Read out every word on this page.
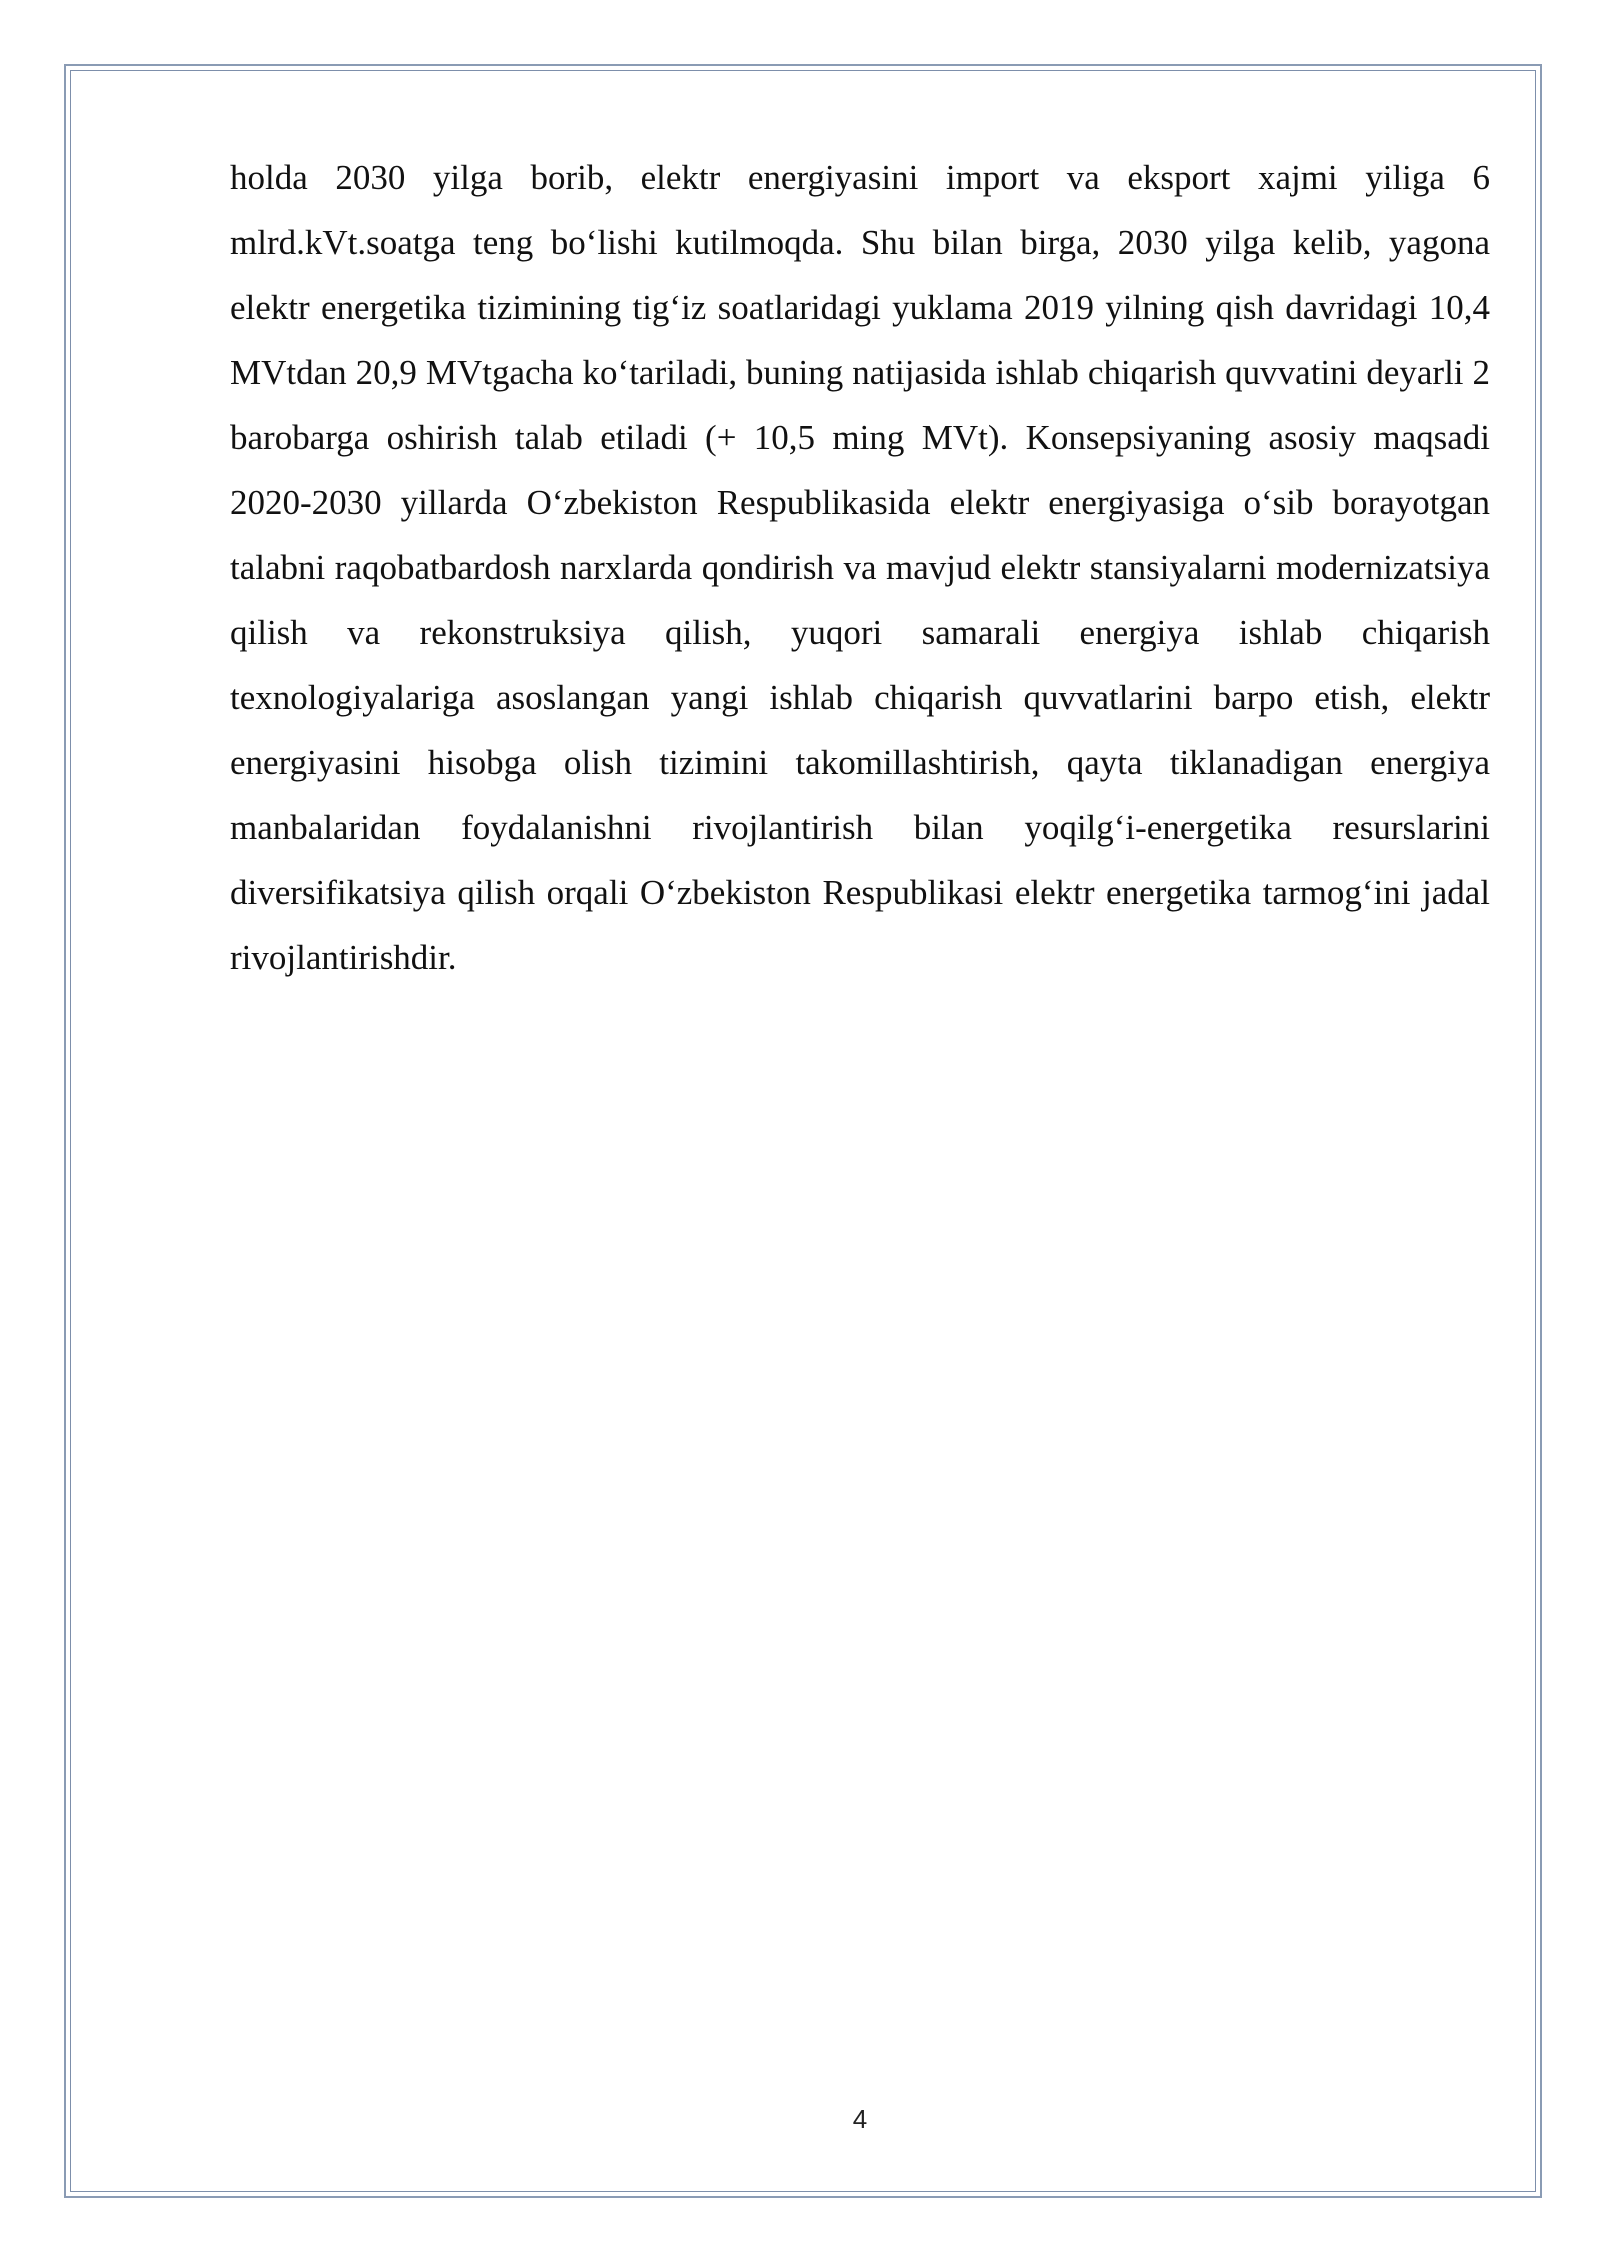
holda 2030 yilga borib, elektr energiyasini import va eksport xajmi yiliga 6 mlrd.kVt.soatga teng bo‘lishi kutilmoqda. Shu bilan birga, 2030 yilga kelib, yagona elektr energetika tizimining tig‘iz soatlaridagi yuklama 2019 yilning qish davridagi 10,4 MVtdan 20,9 MVtgacha ko‘tariladi, buning natijasida ishlab chiqarish quvvatini deyarli 2 barobarga oshirish talab etiladi (+ 10,5 ming MVt). Konsepsiyaning asosiy maqsadi 2020-2030 yillarda O‘zbekiston Respublikasida elektr energiyasiga o‘sib borayotgan talabni raqobatbardosh narxlarda qondirish va mavjud elektr stansiyalarni modernizatsiya qilish va rekonstruksiya qilish, yuqori samarali energiya ishlab chiqarish texnologiyalariga asoslangan yangi ishlab chiqarish quvvatlarini barpo etish, elektr energiyasini hisobga olish tizimini takomillashtirish, qayta tiklanadigan energiya manbalaridan foydalanishni rivojlantirish bilan yoqilg‘i-energetika resurslarini diversifikatsiya qilish orqali O‘zbekiston Respublikasi elektr energetika tarmog‘ini jadal rivojlantirishdir.

4
